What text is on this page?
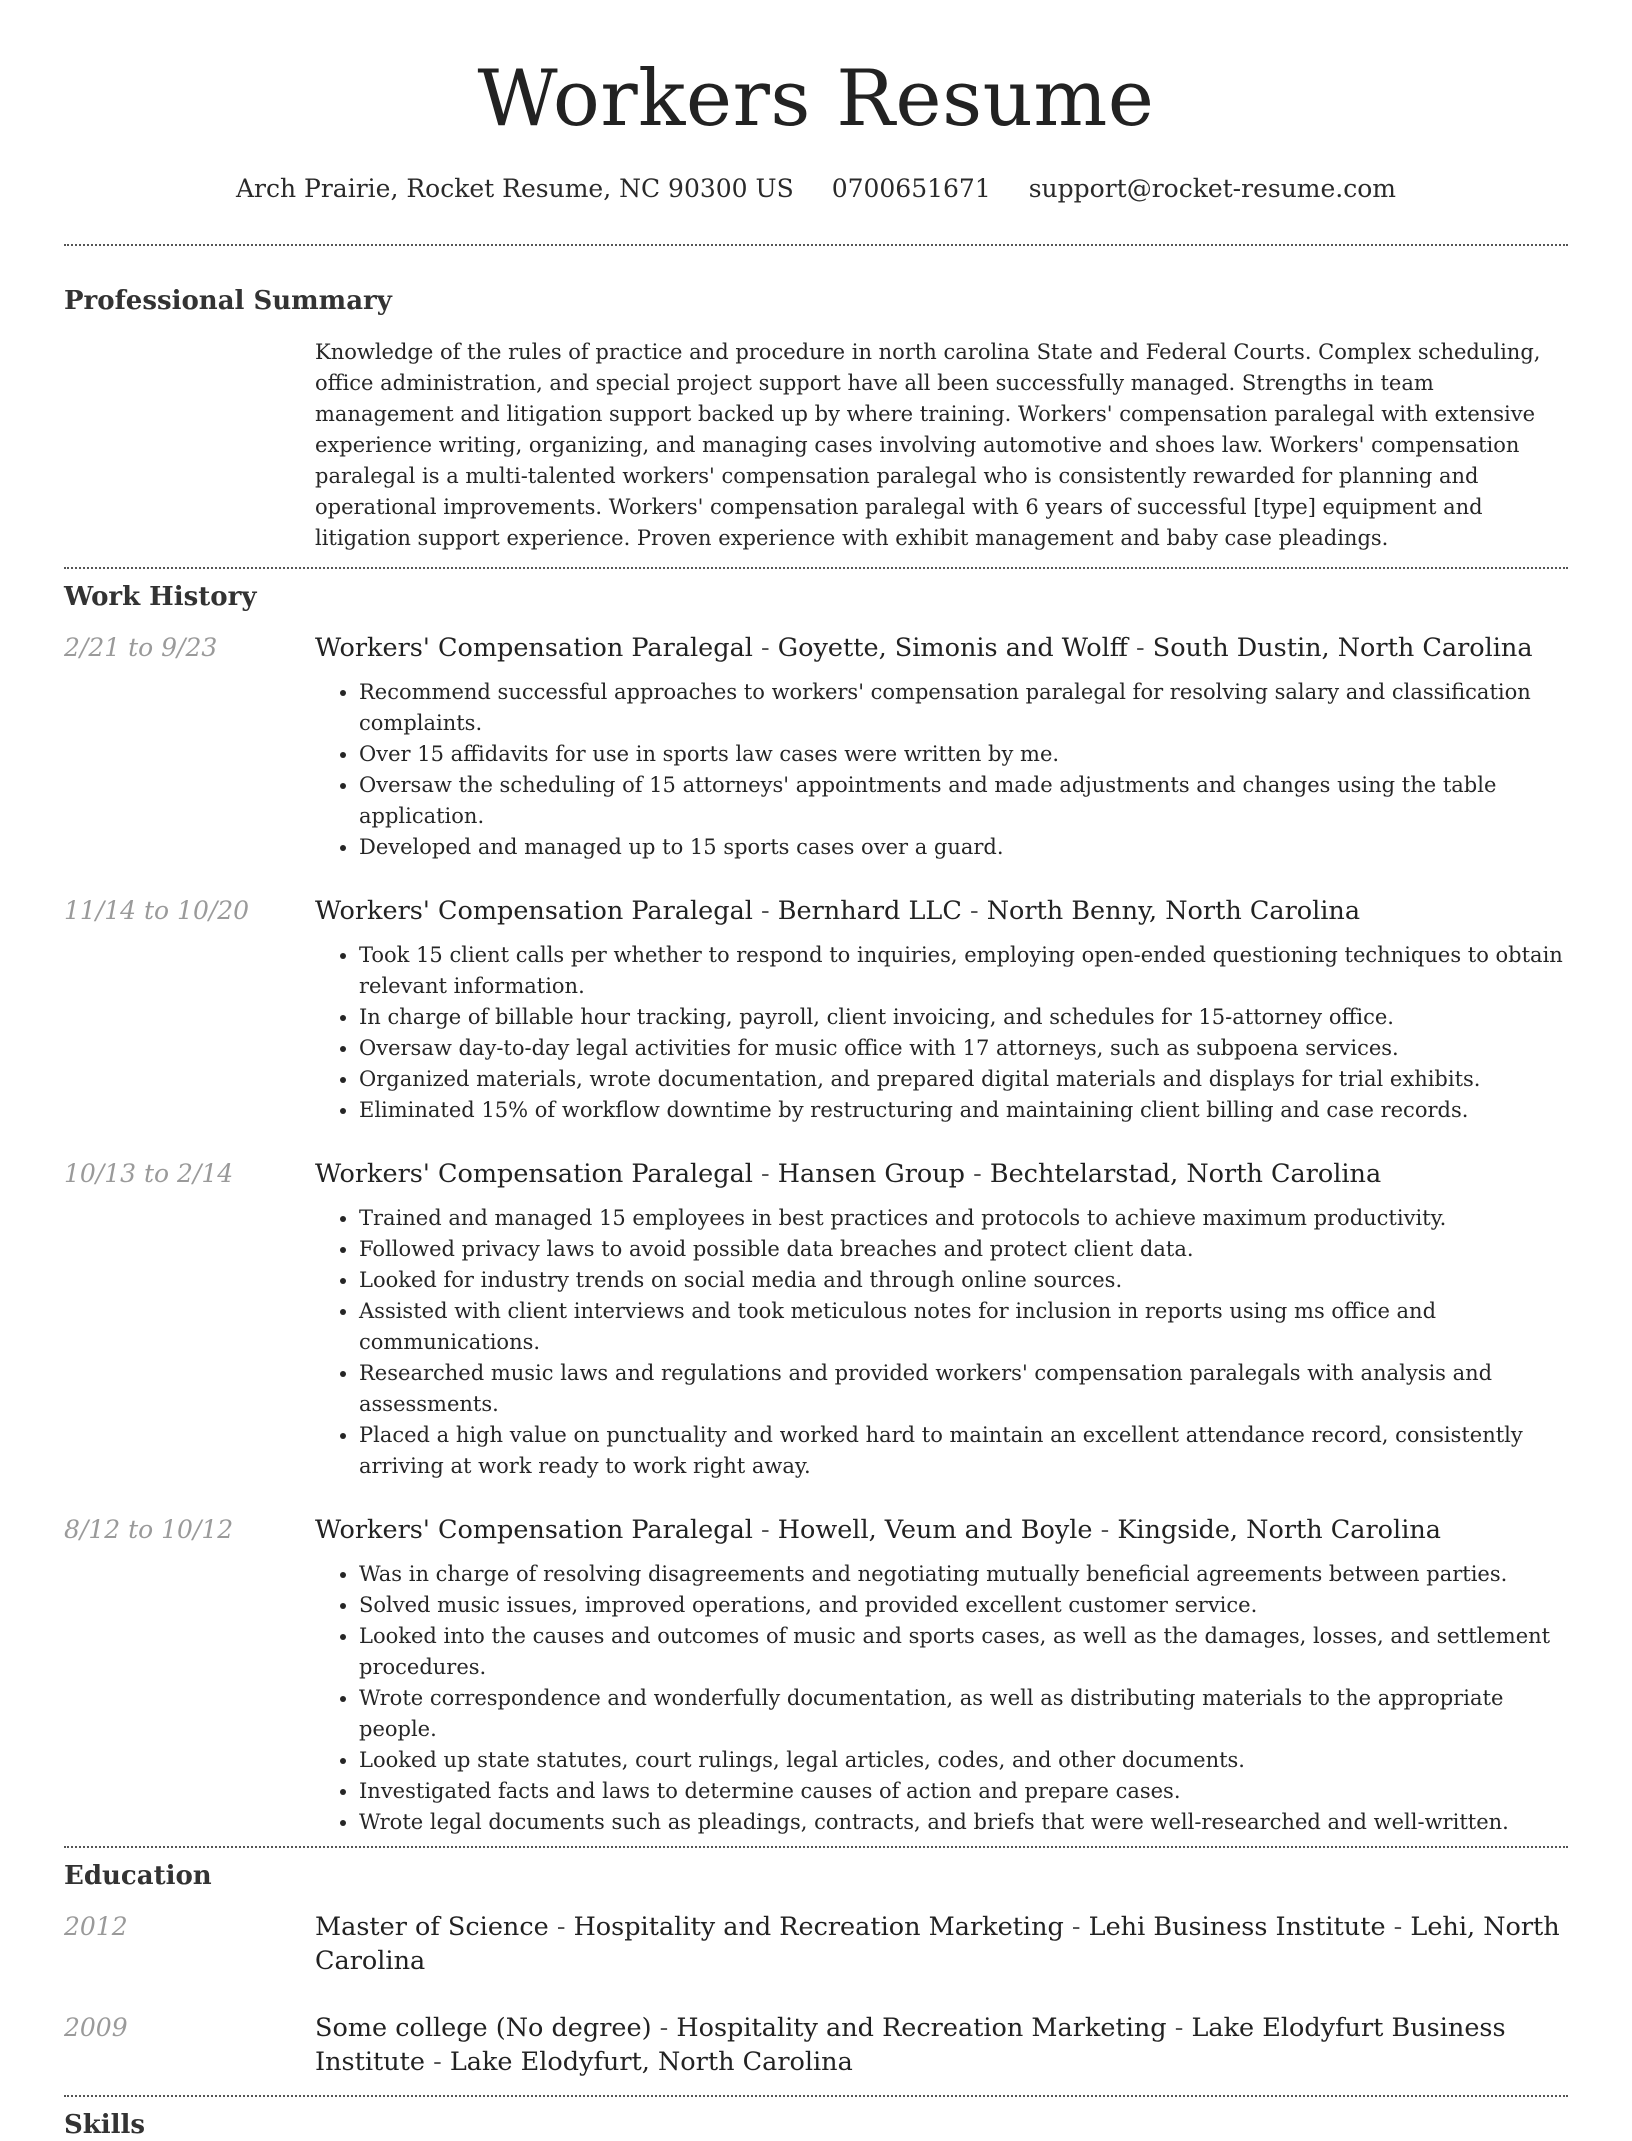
Workers Resume
Arch Prairie, Rocket Resume, NC 90300 US 0700651671 support@rocket-resume.com
Professional Summary

Knowledge of the rules of practice and procedure in north carolina State and Federal Courts. Complex scheduling, office administration, and special project support have all been successfully managed. Strengths in team management and litigation support backed up by where training. Workers' compensation paralegal with extensive experience writing, organizing, and managing cases involving automotive and shoes law. Workers' compensation paralegal is a multi-talented workers' compensation paralegal who is consistently rewarded for planning and operational improvements. Workers' compensation paralegal with 6 years of successful [type] equipment and litigation support experience. Proven experience with exhibit management and baby case pleadings.

Work History
2/21 to 9/23	Workers' Compensation Paralegal - Goyette, Simonis and Wolff - South Dustin, North Carolina
• Recommend successful approaches to workers' compensation paralegal for resolving salary and classification complaints.
• Over 15 affidavits for use in sports law cases were written by me.
• Oversaw the scheduling of 15 attorneys' appointments and made adjustments and changes using the table application.
• Developed and managed up to 15 sports cases over a guard.
11/14 to 10/20	Workers' Compensation Paralegal - Bernhard LLC - North Benny, North Carolina
• Took 15 client calls per whether to respond to inquiries, employing open-ended questioning techniques to obtain relevant information.
• In charge of billable hour tracking, payroll, client invoicing, and schedules for 15-attorney office.
• Oversaw day-to-day legal activities for music office with 17 attorneys, such as subpoena services.
• Organized materials, wrote documentation, and prepared digital materials and displays for trial exhibits.
• Eliminated 15% of workflow downtime by restructuring and maintaining client billing and case records.
10/13 to 2/14	Workers' Compensation Paralegal - Hansen Group - Bechtelarstad, North Carolina
• Trained and managed 15 employees in best practices and protocols to achieve maximum productivity.
• Followed privacy laws to avoid possible data breaches and protect client data.
• Looked for industry trends on social media and through online sources.
• Assisted with client interviews and took meticulous notes for inclusion in reports using ms office and communications.
• Researched music laws and regulations and provided workers' compensation paralegals with analysis and assessments.
• Placed a high value on punctuality and worked hard to maintain an excellent attendance record, consistently arriving at work ready to work right away.
8/12 to 10/12	Workers' Compensation Paralegal - Howell, Veum and Boyle - Kingside, North Carolina
• Was in charge of resolving disagreements and negotiating mutually beneficial agreements between parties.
• Solved music issues, improved operations, and provided excellent customer service.
• Looked into the causes and outcomes of music and sports cases, as well as the damages, losses, and settlement procedures.
• Wrote correspondence and wonderfully documentation, as well as distributing materials to the appropriate people.
• Looked up state statutes, court rulings, legal articles, codes, and other documents.
• Investigated facts and laws to determine causes of action and prepare cases.
• Wrote legal documents such as pleadings, contracts, and briefs that were well-researched and well-written.
Education
2012	Master of Science - Hospitality and Recreation Marketing - Lehi Business Institute - Lehi, North Carolina
2009	Some college (No degree) - Hospitality and Recreation Marketing - Lake Elodyfurt Business Institute - Lake Elodyfurt, North Carolina
Skills
